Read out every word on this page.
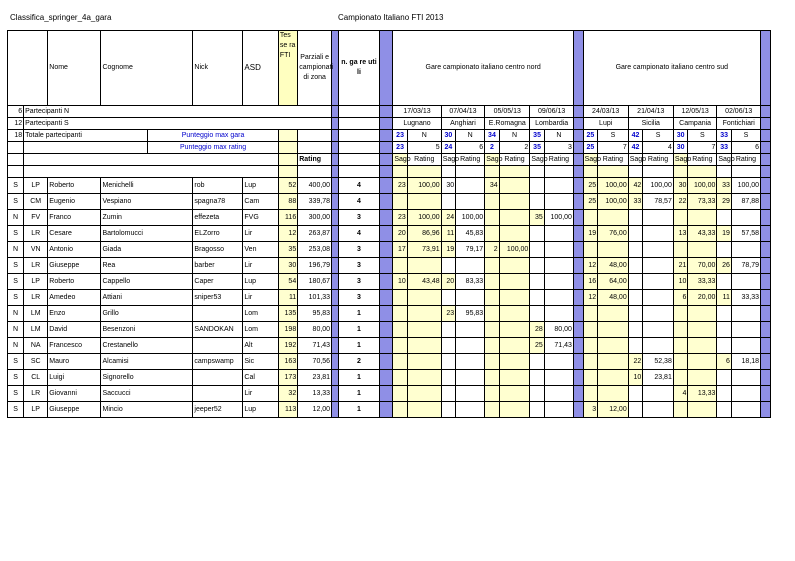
Classifica_springer_4a_gara	Campionato Italiano FTI 2013
		Nome	Cognome		Nick	ASD	Tes se ra FTI	Parziali e campionati di zona		n. ga re uti li		Gare campionato italiano centro nord									Gare campionato italiano centro sud								
6	Partecipanti N											17/03/13		07/04/13		05/05/13		09/06/13			24/03/13		21/04/13		12/05/13		02/06/13		
12	Partecipanti S											Lugnano		Anghiari		E.Romagna		Lombardia			Lupi		Sicilia		Campania		Fontichiari		
18	Totale partecipanti			Punteggio max gara								23	N	30	N	34	N	35	N		25	S	42	S	30	S	33	S	
				Punteggio max rating								23	5	24	6	2	2	35	3		25	7	42	4	30	7	33	6	
								Rating				Sago	Rating	Sago	Rating	Sago	Rating	Sago	Rating		Sago	Rating	Sago	Rating	Sago	Rating	Sago	Rating	

S	LP	Roberto	Menichelli		rob	Lup	52	400,00		4		23	100,00	30		34					25	100,00	42	100,00	30	100,00	33	100,00	
S	CM	Eugenio	Vespiano		spagna78	Cam	88	339,78		4											25	100,00	33	78,57	22	73,33	29	87,88	
N	FV	Franco	Zumin		effezeta	FVG	116	300,00		3		23	100,00	24	100,00			35	100,00										
S	LR	Cesare	Bartolomucci		ELZorro	Lir	12	263,87		4		20	86,96	11	45,83						19	76,00			13	43,33	19	57,58	
N	VN	Antonio	Giada		Bragosso	Ven	35	253,08		3		17	73,91	19	79,17	2	100,00												
S	LR	Giuseppe	Rea		barber	Lir	30	196,79		3											12	48,00			21	70,00	26	78,79	
S	LP	Roberto	Cappello		Caper	Lup	54	180,67		3		10	43,48	20	83,33						16	64,00			10	33,33			
S	LR	Amedeo	Attiani		sniper53	Lir	11	101,33		3											12	48,00			6	20,00	11	33,33	
N	LM	Enzo	Grillo			Lom	135	95,83		1				23	95,83														
N	LM	David	Besenzoni		SANDOKAN	Lom	198	80,00		1								28	80,00										
N	NA	Francesco	Crestanello			Alt	192	71,43		1								25	71,43										
S	SC	Mauro	Alcamisi		campswamp	Sic	163	70,56		2													22	52,38			6	18,18	
S	CL	Luigi	Signorello			Cal	173	23,81		1													10	23,81					
S	LR	Giovanni	Saccucci			Lir	32	13,33		1															4	13,33			
S	LP	Giuseppe	Mincio		jeeper52	Lup	113	12,00		1											3	12,00							
